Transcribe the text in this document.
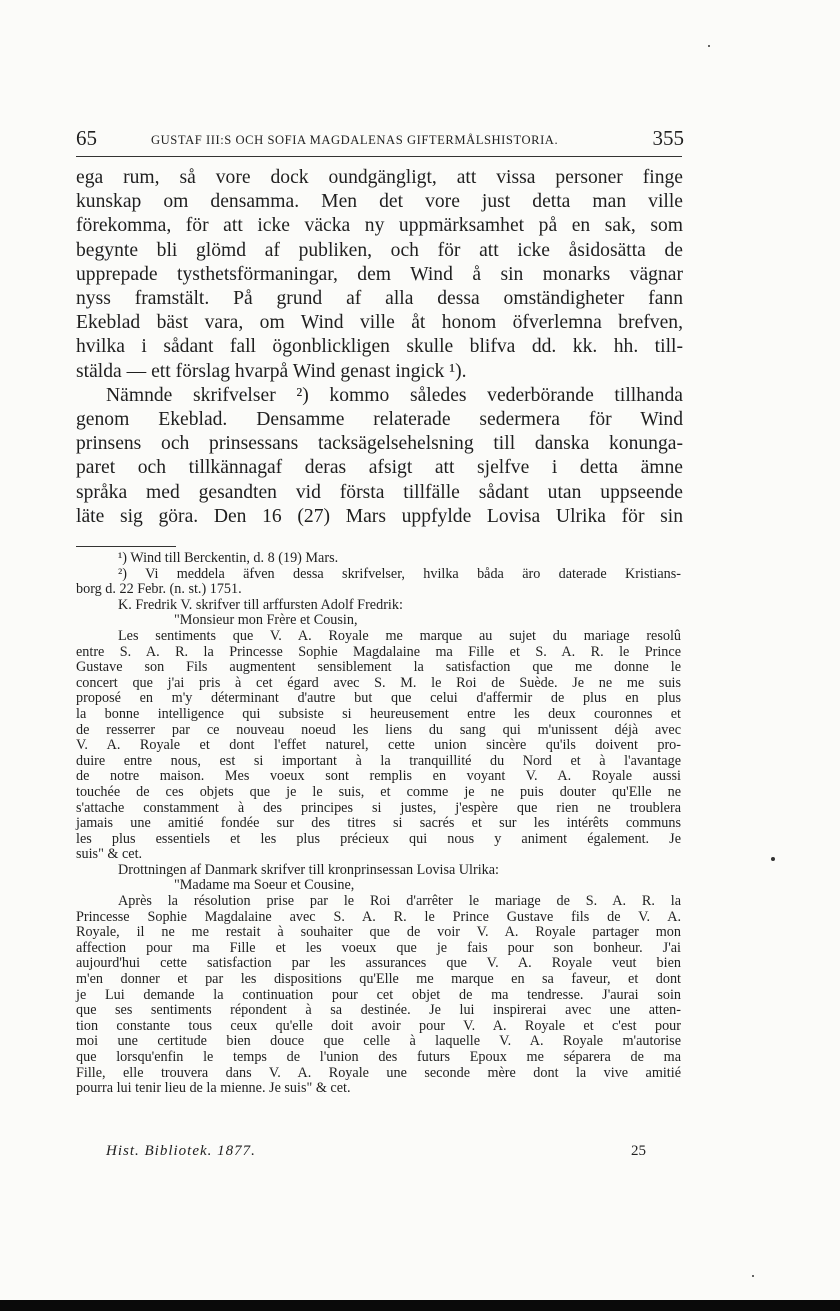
65	GUSTAF III:S OCH SOFIA MAGDALENAS GIFTERMÅLSHISTORIA.	355
ega rum, så vore dock oundgängligt, att vissa personer finge
kunskap om densamma. Men det vore just detta man ville
förekomma, för att icke väcka ny uppmärksamhet på en sak, som
begynte bli glömd af publiken, och för att icke åsidosätta de
upprepade tysthetsförmaningar, dem Wind å sin monarks vägnar
nyss framstält. På grund af alla dessa omständigheter fann
Ekeblad bäst vara, om Wind ville åt honom öfverlemna brefven,
hvilka i sådant fall ögonblickligen skulle blifva dd. kk. hh. till-
stälda — ett förslag hvarpå Wind genast ingick ¹).
Nämnde skrifvelser ²) kommo således vederbörande tillhanda
genom Ekeblad. Densamme relaterade sedermera för Wind
prinsens och prinsessans tacksägelsehelsning till danska konunga-
paret och tillkännagaf deras afsigt att sjelfve i detta ämne
språka med gesandten vid första tillfälle sådant utan uppseende
läte sig göra. Den 16 (27) Mars uppfylde Lovisa Ulrika för sin
¹) Wind till Berckentin, d. 8 (19) Mars.
²) Vi meddela äfven dessa skrifvelser, hvilka båda äro daterade Kristians-
borg d. 22 Febr. (n. st.) 1751.
K. Fredrik V. skrifver till arffursten Adolf Fredrik:
"Monsieur mon Frère et Cousin,
Les sentiments que V. A. Royale me marque au sujet du mariage resolû
entre S. A. R. la Princesse Sophie Magdalaine ma Fille et S. A. R. le Prince
Gustave son Fils augmentent sensiblement la satisfaction que me donne le
concert que j'ai pris à cet égard avec S. M. le Roi de Suède. Je ne me suis
proposé en m'y déterminant d'autre but que celui d'affermir de plus en plus
la bonne intelligence qui subsiste si heureusement entre les deux couronnes et
de resserrer par ce nouveau noeud les liens du sang qui m'unissent déjà avec
V. A. Royale et dont l'effet naturel, cette union sincère qu'ils doivent pro-
duire entre nous, est si important à la tranquillité du Nord et à l'avantage
de notre maison. Mes voeux sont remplis en voyant V. A. Royale aussi
touchée de ces objets que je le suis, et comme je ne puis douter qu'Elle ne
s'attache constamment à des principes si justes, j'espère que rien ne troublera
jamais une amitié fondée sur des titres si sacrés et sur les intérêts communs
les plus essentiels et les plus précieux qui nous y animent également. Je
suis" & cet.
Drottningen af Danmark skrifver till kronprinsessan Lovisa Ulrika:
"Madame ma Soeur et Cousine,
Après la résolution prise par le Roi d'arrêter le mariage de S. A. R. la
Princesse Sophie Magdalaine avec S. A. R. le Prince Gustave fils de V. A.
Royale, il ne me restait à souhaiter que de voir V. A. Royale partager mon
affection pour ma Fille et les voeux que je fais pour son bonheur. J'ai
aujourd'hui cette satisfaction par les assurances que V. A. Royale veut bien
m'en donner et par les dispositions qu'Elle me marque en sa faveur, et dont
je Lui demande la continuation pour cet objet de ma tendresse. J'aurai soin
que ses sentiments répondent à sa destinée. Je lui inspirerai avec une atten-
tion constante tous ceux qu'elle doit avoir pour V. A. Royale et c'est pour
moi une certitude bien douce que celle à laquelle V. A. Royale m'autorise
que lorsqu'enfin le temps de l'union des futurs Epoux me séparera de ma
Fille, elle trouvera dans V. A. Royale une seconde mère dont la vive amitié
pourra lui tenir lieu de la mienne. Je suis" & cet.
Hist. Bibliotek. 1877.	25
